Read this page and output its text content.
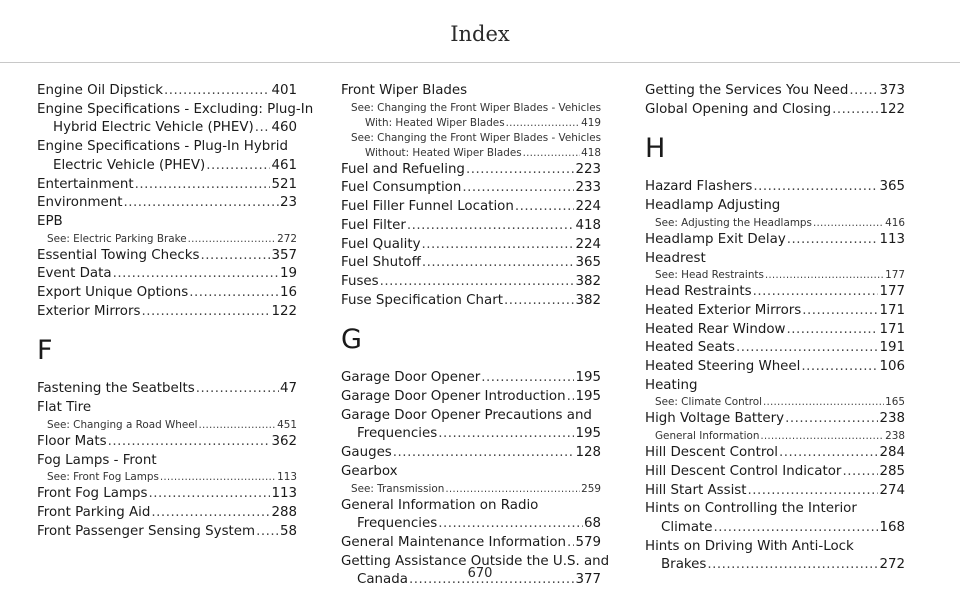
Index
Engine Oil Dipstick .....	401
Engine Specifications - Excluding: Plug-In
Hybrid Electric Vehicle (PHEV) ..... 460
Engine Specifications - Plug-In Hybrid
Electric Vehicle (PHEV) .....	461
Entertainment .....	521
Environment .....	23
EPB
See: Electric Parking Brake .....	272
Essential Towing Checks .....	357
Event Data .....	19
Export Unique Options .....	16
Exterior Mirrors .....	122
F
Fastening the Seatbelts .....	47
Flat Tire
See: Changing a Road Wheel .....	451
Floor Mats .....	362
Fog Lamps - Front
See: Front Fog Lamps .....	113
Front Fog Lamps .....	113
Front Parking Aid .....	288
Front Passenger Sensing System ..... 58
Front Wiper Blades
See: Changing the Front Wiper Blades - Vehicles
With: Heated Wiper Blades .....	419
See: Changing the Front Wiper Blades - Vehicles
Without: Heated Wiper Blades .....	418
Fuel and Refueling .....	223
Fuel Consumption .....	233
Fuel Filler Funnel Location .....	224
Fuel Filter .....	418
Fuel Quality .....	224
Fuel Shutoff .....	365
Fuses .....	382
Fuse Specification Chart .....	382
G
Garage Door Opener .....	195
Garage Door Opener Introduction ..... 195
Garage Door Opener Precautions and
Frequencies .....	195
Gauges .....	128
Gearbox
See: Transmission .....	259
General Information on Radio
Frequencies .....	68
General Maintenance Information ..... 579
Getting Assistance Outside the U.S. and
Canada .....	377
Getting the Services You Need ..... 373
Global Opening and Closing .....	122
H
Hazard Flashers .....	365
Headlamp Adjusting
See: Adjusting the Headlamps .....	416
Headlamp Exit Delay .....	113
Headrest
See: Head Restraints .....	177
Head Restraints .....	177
Heated Exterior Mirrors .....	171
Heated Rear Window .....	171
Heated Seats .....	191
Heated Steering Wheel .....	106
Heating
See: Climate Control .....	165
High Voltage Battery .....	238
General Information .....	238
Hill Descent Control .....	284
Hill Descent Control Indicator .....	285
Hill Start Assist .....	274
Hints on Controlling the Interior
Climate .....	168
Hints on Driving With Anti-Lock
Brakes .....	272
670
